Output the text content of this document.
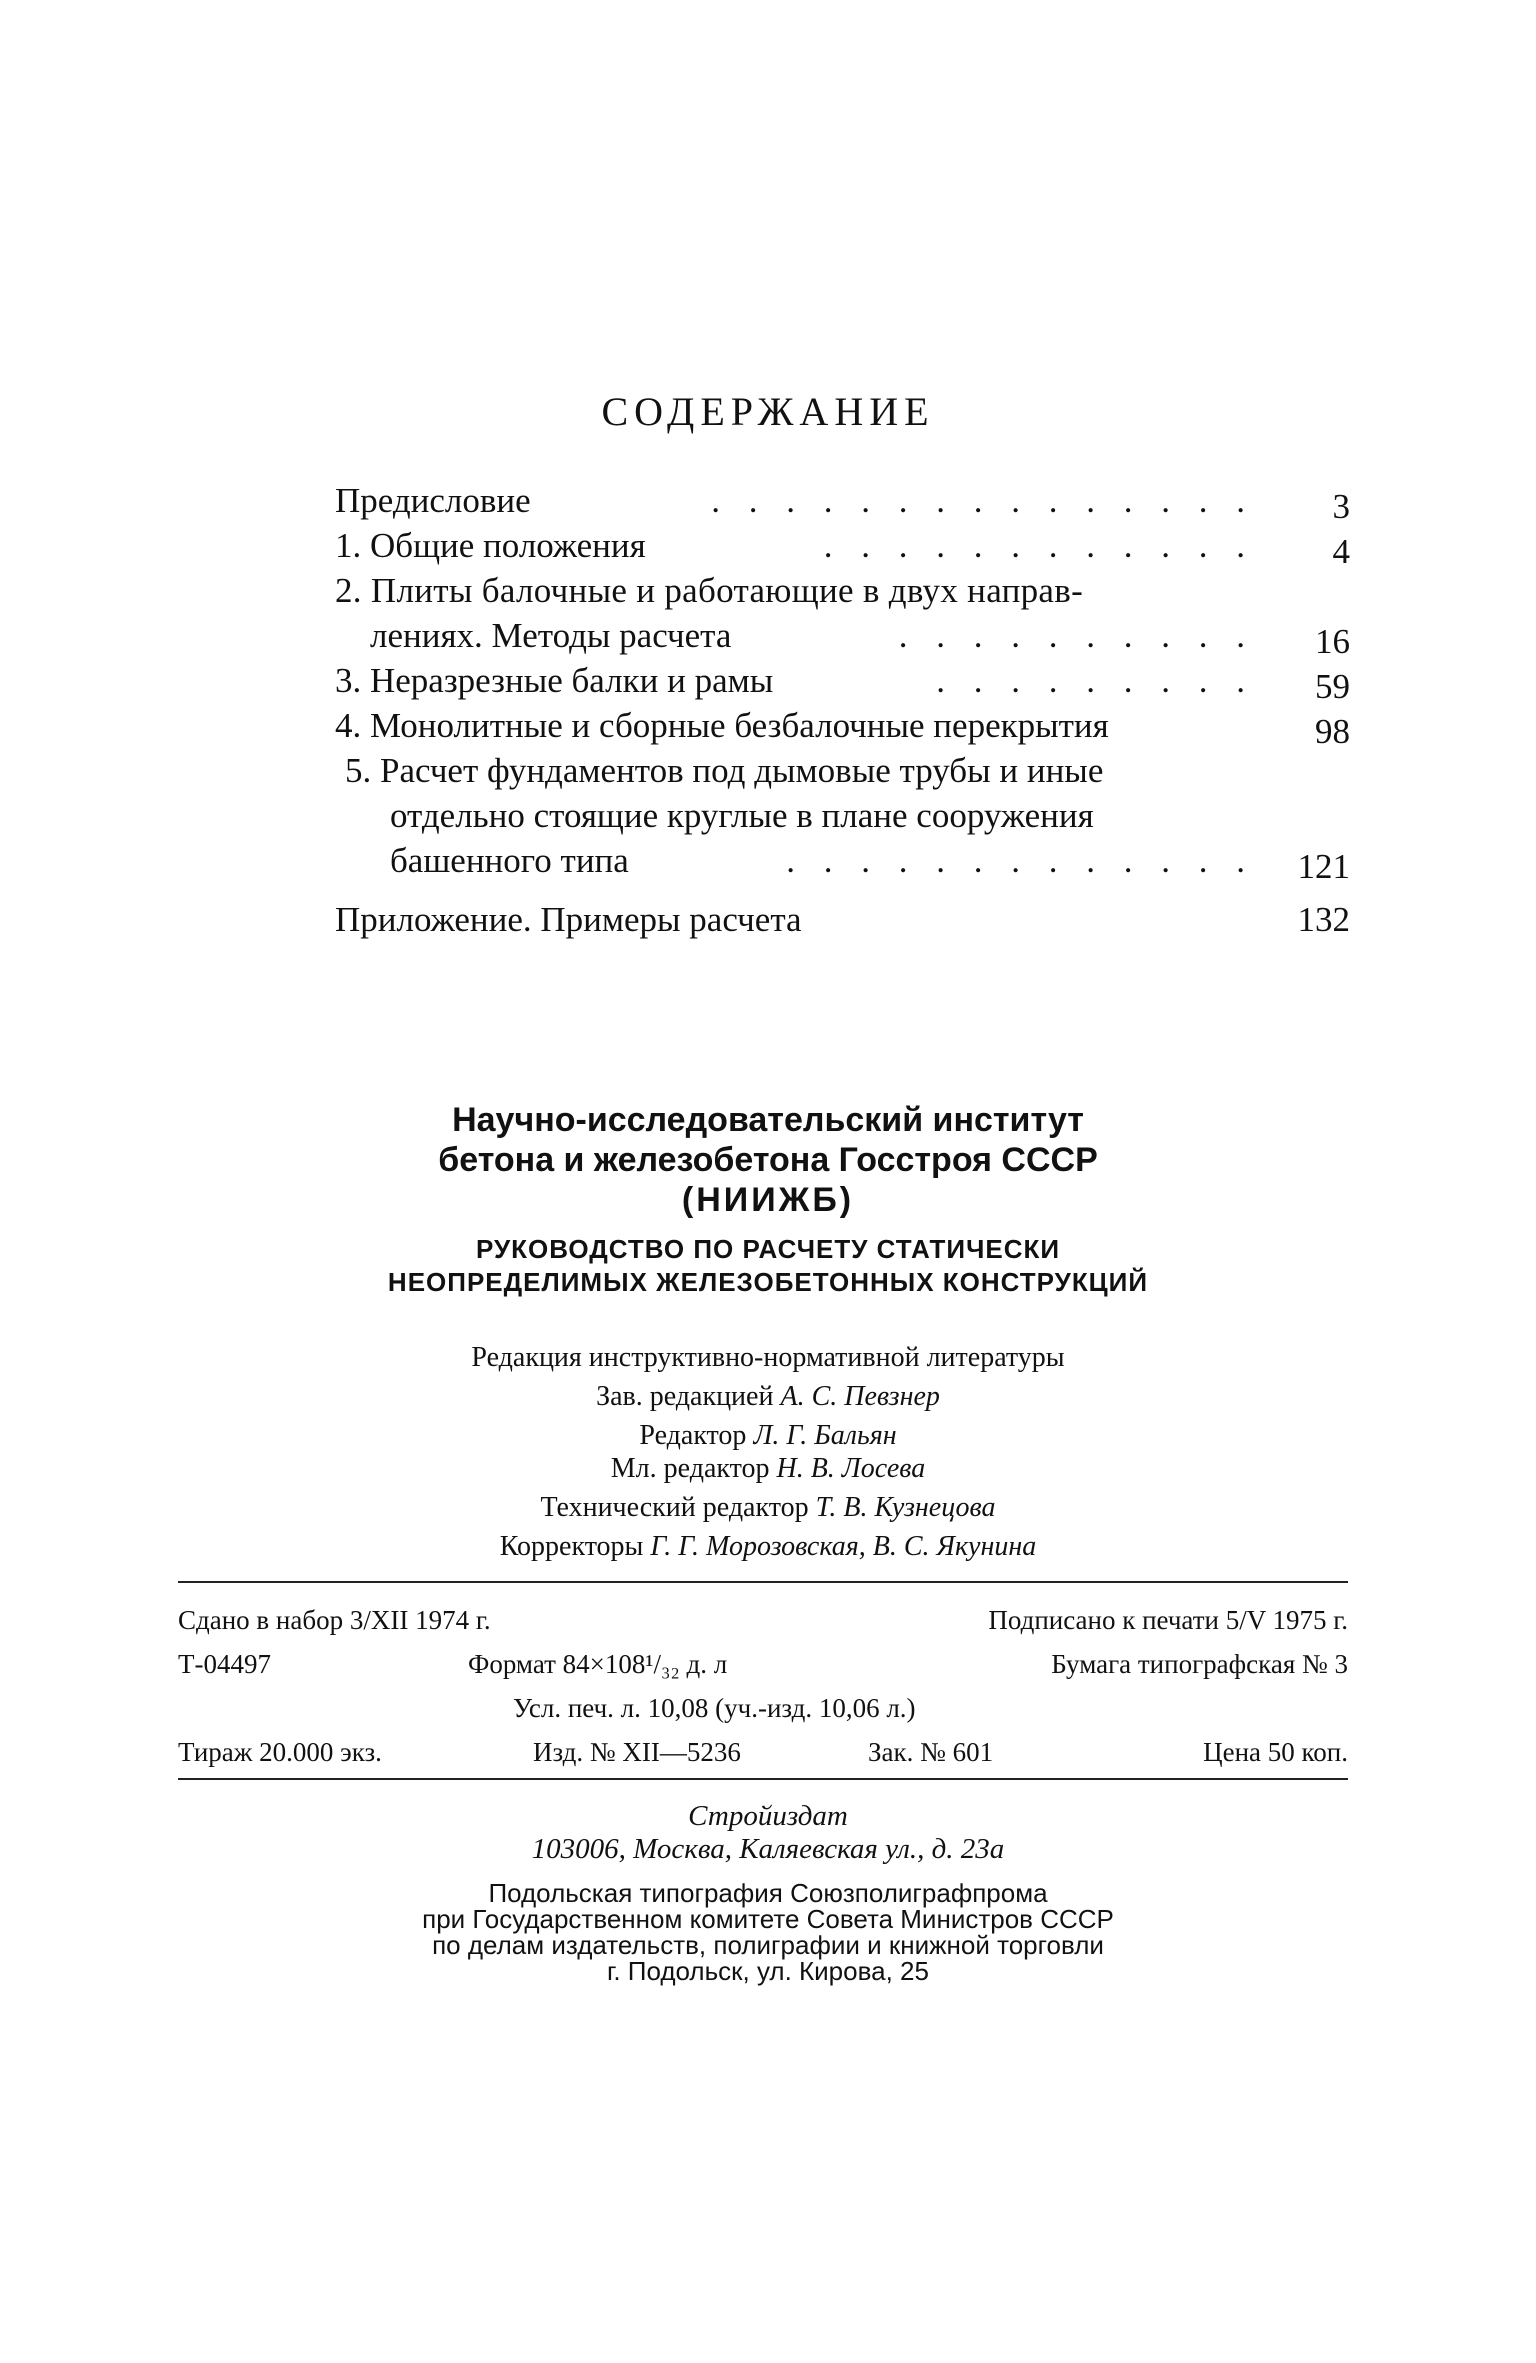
СОДЕРЖАНИЕ
Предисловие	. . . . . . . . . . . . . . .	3
1. Общие положения	. . . . . . . . . . . .	4
2. Плиты балочные и работающие в двух направ-
лениях. Методы расчета	. . . . . . . . . .	16
3. Неразрезные балки и рамы	. . . . . . . . .	59
4. Монолитные и сборные безбалочные перекрытия	98
5. Расчет фундаментов под дымовые трубы и иные
отдельно стоящие круглые в плане сооружения
башенного типа	. . . . . . . . . . . . .	121
Приложение. Примеры расчета	132
Научно-исследовательский институт
бетона и железобетона Госстроя СССР
(НИИЖБ)
РУКОВОДСТВО ПО РАСЧЕТУ СТАТИЧЕСКИ
НЕОПРЕДЕЛИМЫХ ЖЕЛЕЗОБЕТОННЫХ КОНСТРУКЦИЙ
Редакция инструктивно-нормативной литературы
Зав. редакцией А. С. Певзнер
Редактор Л. Г. Бальян
Мл. редактор Н. В. Лосева
Технический редактор Т. В. Кузнецова
Корректоры Г. Г. Морозовская, В. С. Якунина
Сдано в набор 3/XII 1974 г.	Подписано к печати 5/V 1975 г.
Т-04497	Формат 84×108¹/₃₂ д. л	Бумага типографская № 3
Усл. печ. л. 10,08 (уч.-изд. 10,06 л.)
Тираж 20.000 экз.	Изд. № XII—5236	Зак. № 601	Цена 50 коп.
Стройиздат
103006, Москва, Каляевская ул., д. 23а
Подольская типография Союзполиграфпрома
при Государственном комитете Совета Министров СССР
по делам издательств, полиграфии и книжной торговли
г. Подольск, ул. Кирова, 25
